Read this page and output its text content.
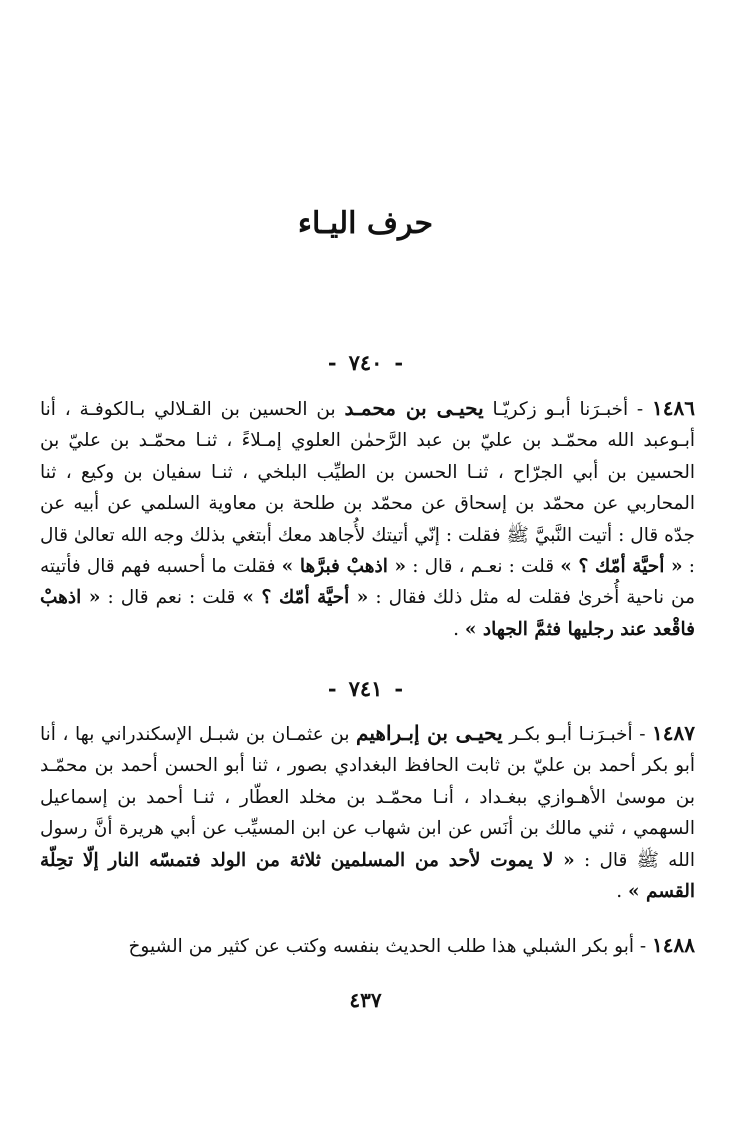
حرف اليـاء
-٧٤٠-
١٤٨٦ - أخبـرَنا أبـو زكريّـا يحيـى بن محمـد بن الحسين بن القـلالي بـالكوفـة ، أنا أبـوعبد الله محمّـد بن عليّ بن عبد الرَّحمٰن العلوي إمـلاءً ، ثنـا محمّـد بن عليّ بن الحسين بن أبي الجرّاح ، ثنـا الحسن بن الطيِّب البلخي ، ثنـا سفيان بن وكيع ، ثنا المحاربي عن محمّد بن إسحاق عن محمّد بن طلحة بن معاوية السلمي عن أبيه عن جدّه قال : أتيت النَّبيَّ ﷺ فقلت : إنّي أتيتك لأُجاهد معك أبتغي بذلك وجه الله تعالىٰ قال : « أحيَّة أمّك ؟ » قلت : نعـم ، قال : « اذهبْ فبرَّها » فقلت ما أحسبه فهم قال فأتيته من ناحية أُخرىٰ فقلت له مثل ذلك فقال : « أحيَّة أمّك ؟ » قلت : نعم قال : « اذهبْ فاقْعد عند رجليها فثمَّ الجهاد » .
-٧٤١-
١٤٨٧ - أخبـرَنـا أبـو بكـر يحيـى بن إبـراهيم بن عثمـان بن شبـل الإسكندراني بها ، أنا أبو بكر أحمد بن عليّ بن ثابت الحافظ البغدادي بصور ، ثنا أبو الحسن أحمد بن محمّـد بن موسىٰ الأهـوازي ببغـداد ، أنـا محمّـد بن مخلد العطّار ، ثنـا أحمد بن إسماعيل السهمي ، ثني مالك بن أنَس عن ابن شهاب عن ابن المسيِّب عن أبي هريرة أنَّ رسول الله ﷺ قال : « لا يموت لأحد من المسلمين ثلاثة من الولد فتمسّه النار إلّا تحِلّة القسم » .
١٤٨٨ - أبو بكر الشبلي هذا طلب الحديث بنفسه وكتب عن كثير من الشيوخ
٤٣٧
